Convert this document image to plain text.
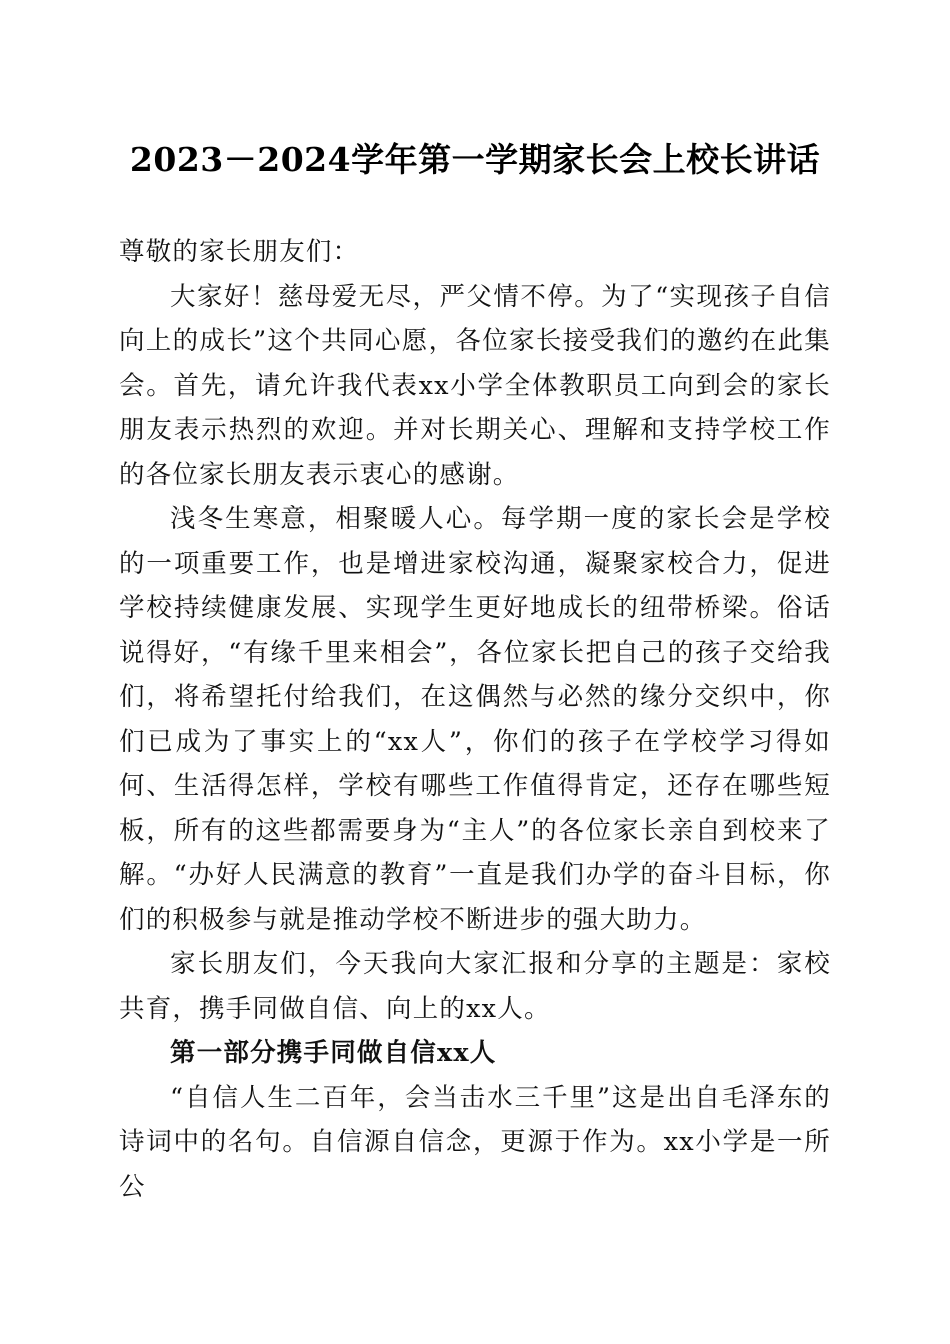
2023－2024学年第一学期家长会上校长讲话

尊敬的家长朋友们：

大家好！慈母爱无尽，严父情不停。为了“实现孩子自信向上的成长”这个共同心愿，各位家长接受我们的邀约在此集会。首先，请允许我代表xx小学全体教职员工向到会的家长朋友表示热烈的欢迎。并对长期关心、理解和支持学校工作的各位家长朋友表示衷心的感谢。

浅冬生寒意，相聚暖人心。每学期一度的家长会是学校的一项重要工作，也是增进家校沟通，凝聚家校合力，促进学校持续健康发展、实现学生更好地成长的纽带桥梁。俗话说得好，“有缘千里来相会”，各位家长把自己的孩子交给我们，将希望托付给我们，在这偶然与必然的缘分交织中，你们已成为了事实上的“xx人”，你们的孩子在学校学习得如何、生活得怎样，学校有哪些工作值得肯定，还存在哪些短板，所有的这些都需要身为“主人”的各位家长亲自到校来了解。“办好人民满意的教育”一直是我们办学的奋斗目标，你们的积极参与就是推动学校不断进步的强大助力。

家长朋友们，今天我向大家汇报和分享的主题是：家校共育，携手同做自信、向上的xx人。

第一部分携手同做自信xx人

“自信人生二百年，会当击水三千里”这是出自毛泽东的诗词中的名句。自信源自信念，更源于作为。xx小学是一所公
